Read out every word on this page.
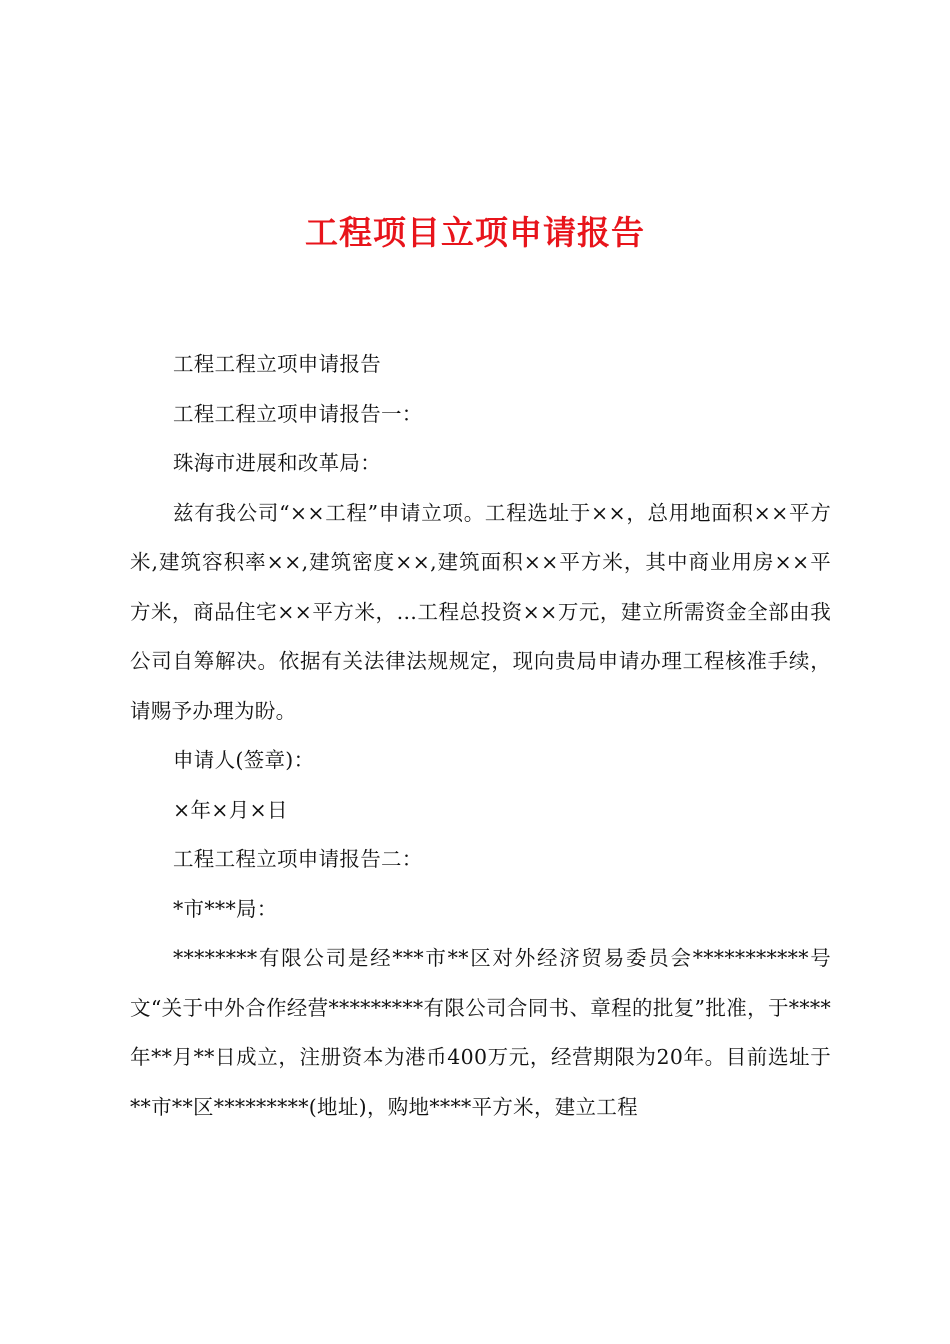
工程项目立项申请报告

工程工程立项申请报告

工程工程立项申请报告一：

珠海市进展和改革局：

兹有我公司“××工程”申请立项。工程选址于××，总用地面积××平方米,建筑容积率××,建筑密度××,建筑面积××平方米，其中商业用房××平方米，商品住宅××平方米，…工程总投资××万元，建立所需资金全部由我公司自筹解决。依据有关法律法规规定，现向贵局申请办理工程核准手续，请赐予办理为盼。

申请人(签章)：

×年×月×日

工程工程立项申请报告二：

*市***局：

********有限公司是经***市**区对外经济贸易委员会***********号文“关于中外合作经营*********有限公司合同书、章程的批复”批准，于****年**月**日成立，注册资本为港币400万元，经营期限为20年。目前选址于**市**区*********(地址)，购地****平方米，建立工程
